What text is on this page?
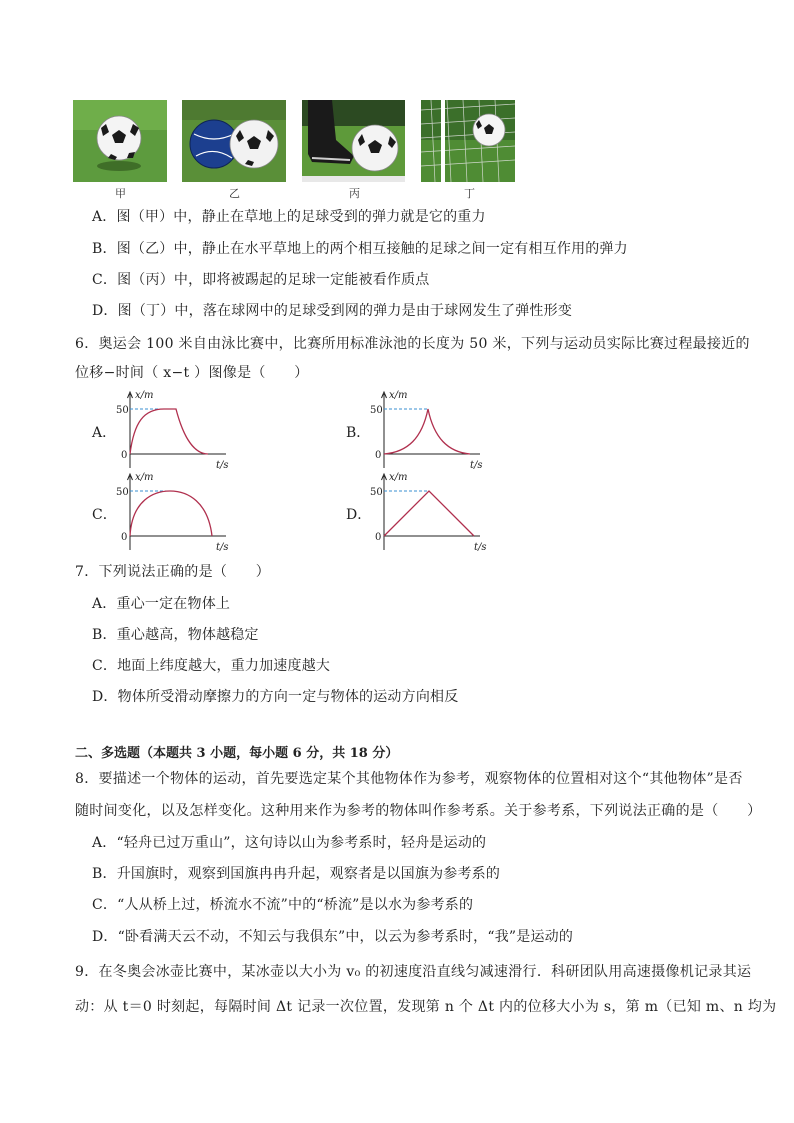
甲	乙	丙	丁
A．图（甲）中，静止在草地上的足球受到的弹力就是它的重力
B．图（乙）中，静止在水平草地上的两个相互接触的足球之间一定有相互作用的弹力
C．图（丙）中，即将被踢起的足球一定能被看作质点
D．图（丁）中，落在球网中的足球受到网的弹力是由于球网发生了弹性形变
6．奥运会 100 米自由泳比赛中，比赛所用标准泳池的长度为 50 米，下列与运动员实际比赛过程最接近的
位移−时间（ x−t ）图像是（　　）
A．	B．
C．	D．
x/m
50
0
t/s
x/m
50
0
t/s
x/m
50
0
t/s
x/m
50
0
t/s
7．下列说法正确的是（　　）
A．重心一定在物体上
B．重心越高，物体越稳定
C．地面上纬度越大，重力加速度越大
D．物体所受滑动摩擦力的方向一定与物体的运动方向相反
二、多选题（本题共 3 小题，每小题 6 分，共 18 分）
8．要描述一个物体的运动，首先要选定某个其他物体作为参考，观察物体的位置相对这个“其他物体”是否
随时间变化，以及怎样变化。这种用来作为参考的物体叫作参考系。关于参考系，下列说法正确的是（　　）
A．“轻舟已过万重山”，这句诗以山为参考系时，轻舟是运动的
B．升国旗时，观察到国旗冉冉升起，观察者是以国旗为参考系的
C．“人从桥上过，桥流水不流”中的“桥流”是以水为参考系的
D．“卧看满天云不动，不知云与我俱东”中，以云为参考系时，“我”是运动的
9．在冬奥会冰壶比赛中，某冰壶以大小为 v₀ 的初速度沿直线匀减速滑行．科研团队用高速摄像机记录其运
动：从 t＝0 时刻起，每隔时间 Δt 记录一次位置，发现第 n 个 Δt 内的位移大小为 s，第 m（已知 m、n 均为
